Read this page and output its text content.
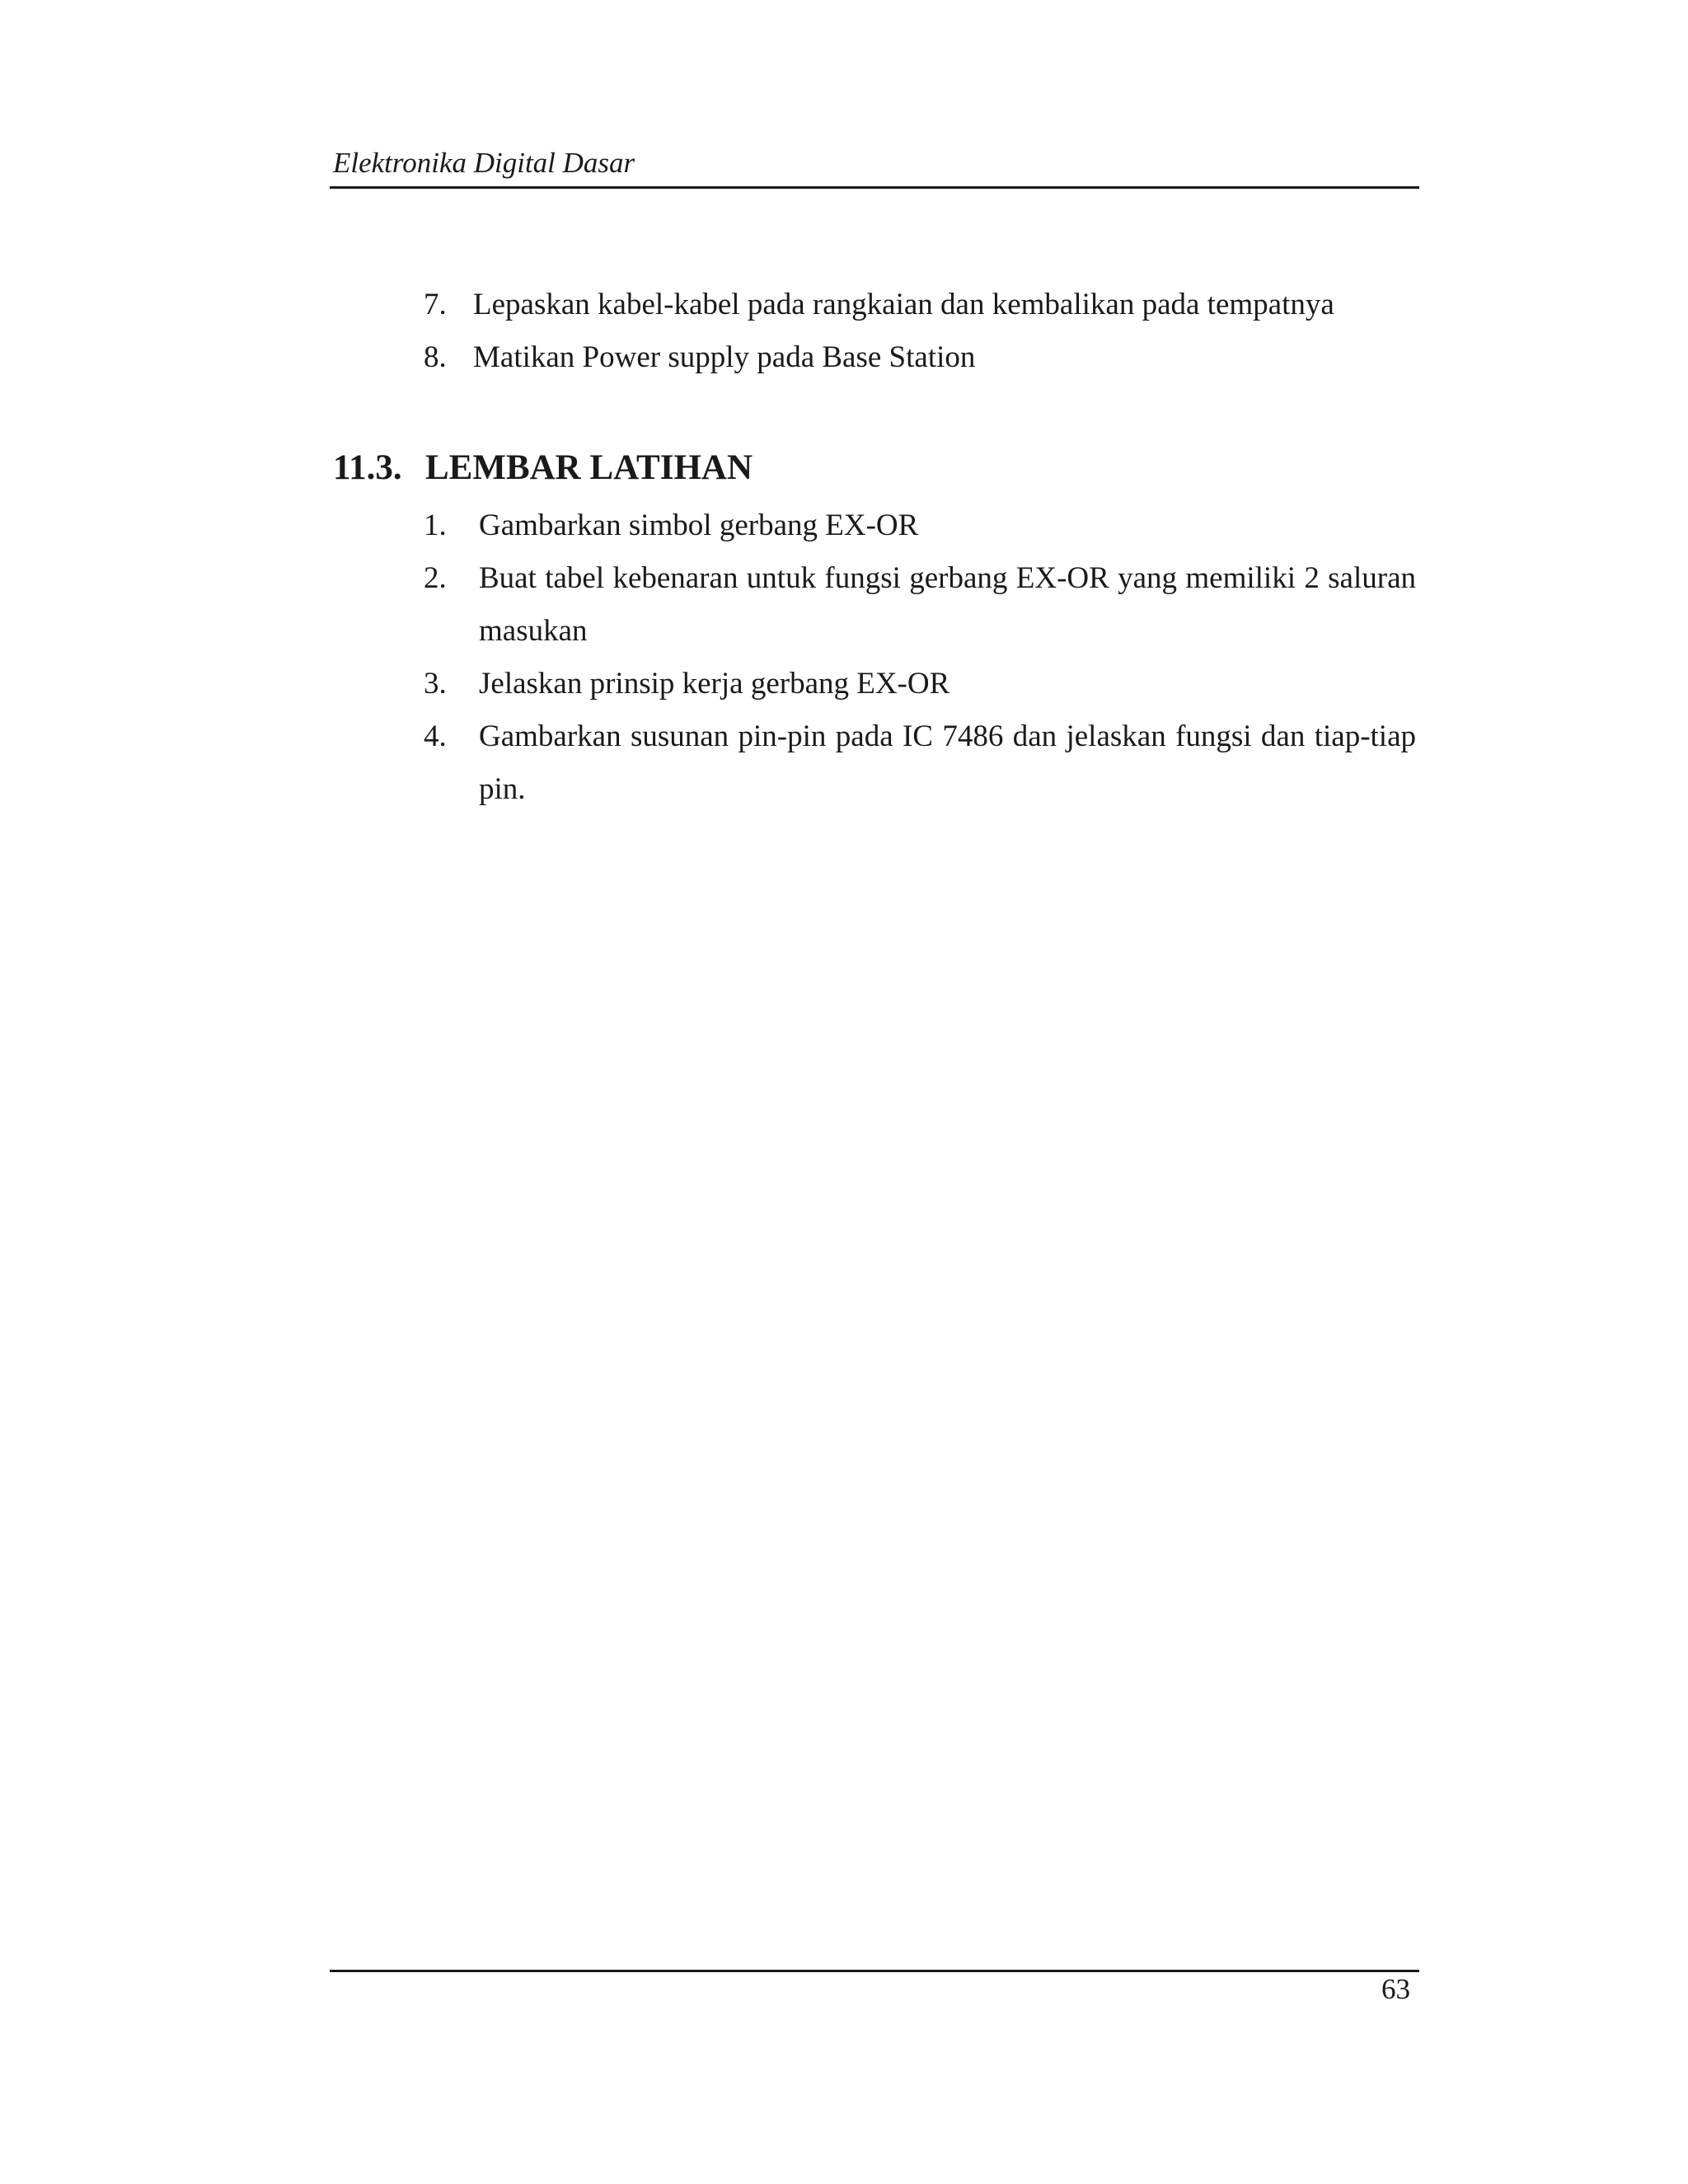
Elektronika Digital Dasar
7. Lepaskan kabel-kabel pada rangkaian dan kembalikan pada tempatnya
8. Matikan Power supply pada Base Station
11.3. LEMBAR LATIHAN
1. Gambarkan simbol gerbang EX-OR
2. Buat tabel kebenaran untuk fungsi gerbang EX-OR yang memiliki 2 saluran masukan
3. Jelaskan prinsip kerja gerbang EX-OR
4. Gambarkan susunan pin-pin pada IC 7486 dan jelaskan fungsi dan tiap-tiap pin.
63
